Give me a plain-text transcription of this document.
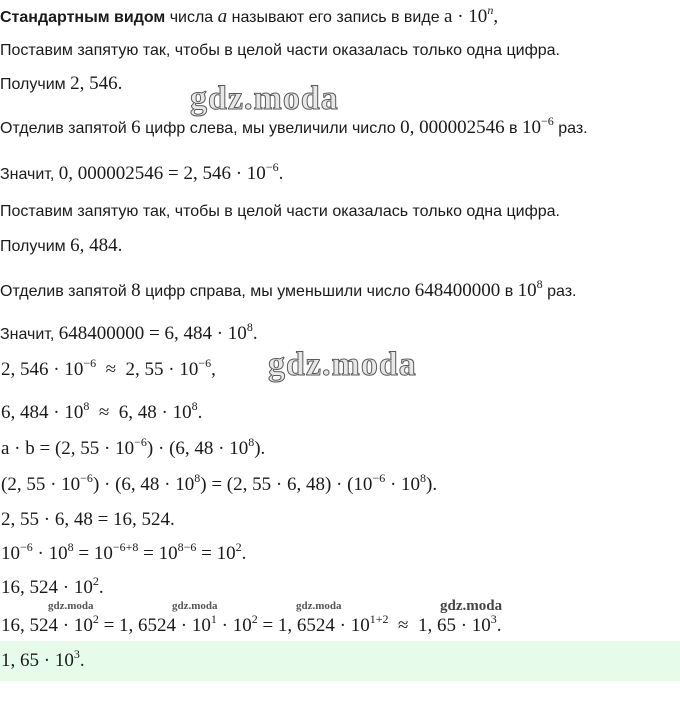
Стандартным видом числа a называют его запись в виде $a \cdot 10^n$,
Поставим запятую так, чтобы в целой части оказалась только одна цифра.
Получим 2, 546.
Отделив запятой 6 цифр слева, мы увеличили число 0, 000002546 в $10^{-6}$ раз.
Значит, 0, 000002546 = 2, $546 \cdot 10^{-6}$.
Поставим запятую так, чтобы в целой части оказалась только одна цифра.
Получим 6, 484.
Отделив запятой 8 цифр справа, мы уменьшили число 648400000 в $10^8$ раз.
Значит, 648400000 = 6, $484 \cdot 10^8$.
2, $546 \cdot 10^{-6} \approx 2$, $55 \cdot 10^{-6}$,
6, $484 \cdot 10^8 \approx 6$, $48 \cdot 10^8$.
a · b = (2, $55 \cdot 10^{-6}) \cdot (6$, $48 \cdot 10^8$).
(2, $55 \cdot 10^{-6}) \cdot (6$, $48 \cdot 10^8) = (2$, 55 · 6, $48) \cdot (10^{-6} \cdot 10^8)$.
2, 55 · 6, 48 = 16, 524.
$10^{-6} \cdot 10^8 = 10^{-6+8} = 10^{8-6} = 10^2$.
16, $524 \cdot 10^2$.
16, $524 \cdot 10^2 = 1$, $6524 \cdot 10^1 \cdot 10^2 = 1$, $6524 \cdot 10^{1+2} \approx 1$, $65 \cdot 10^3$.
1, $65 \cdot 10^3$.
gdz.moda
gdz.moda
gdz.moda	gdz.moda	gdz.moda	gdz.moda
